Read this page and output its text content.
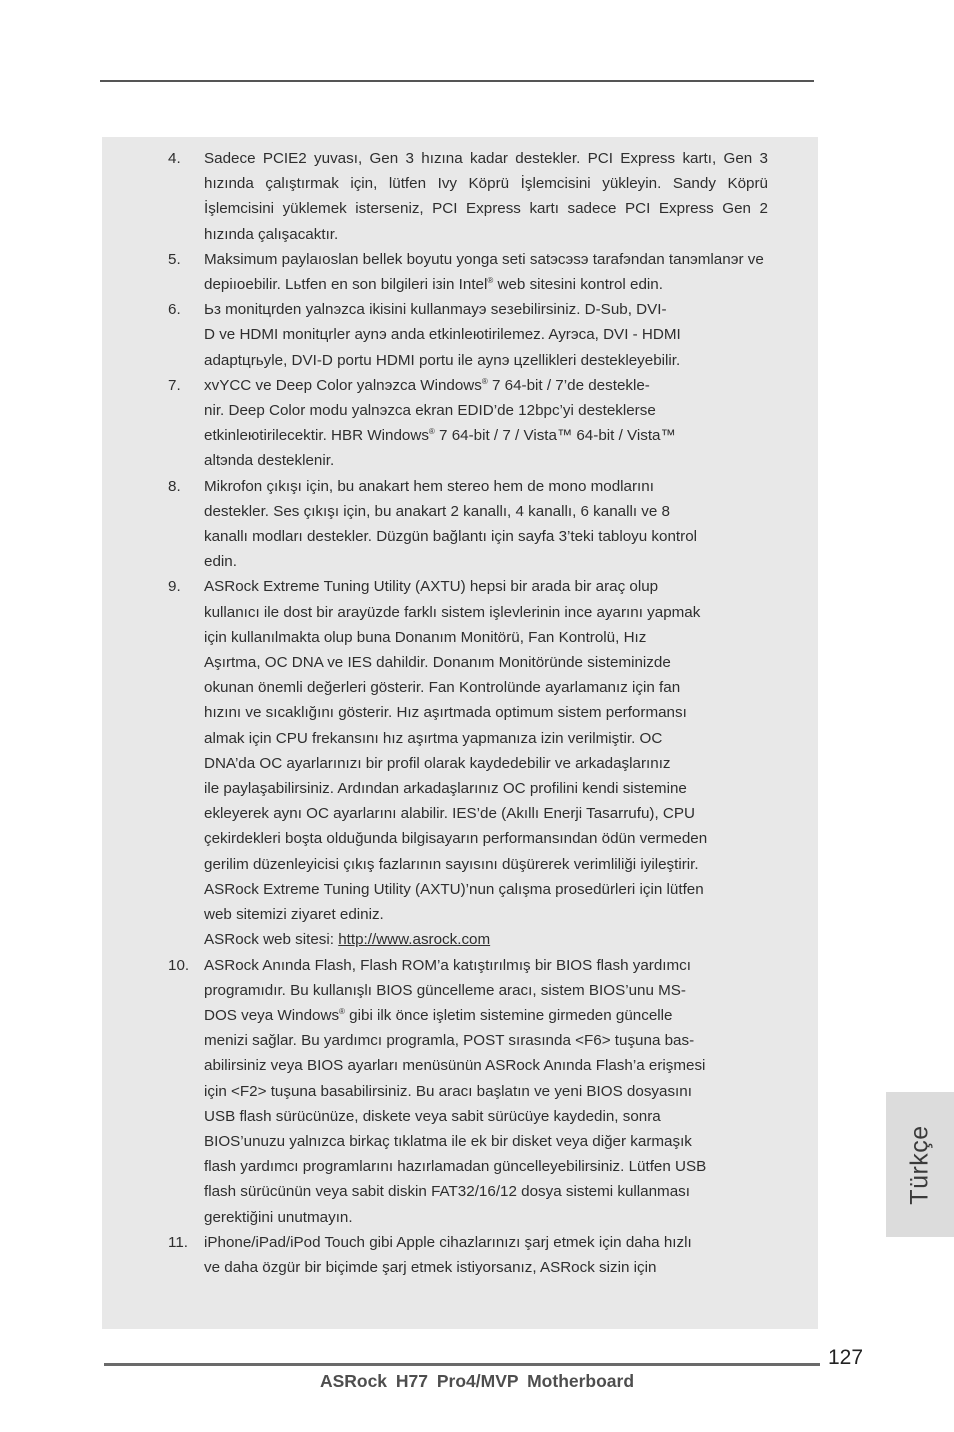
4.	Sadece PCIE2 yuvası, Gen 3 hızına kadar destekler. PCI Express kartı, Gen 3 hızında çalıştırmak için, lütfen Ivy Köprü İşlemcisini yükleyin. Sandy Köprü İşlemcisini yüklemek isterseniz, PCI Express kartı sadece PCI Express Gen 2 hızında çalışacaktır.
5.	Maksimum paylaıoslan bellek boyutu yonga seti satэcэsэ tarafэndan tanэmlanэr ve depiıoebilir. Lьtfen en son bilgileri iзin Intel® web sitesini kontrol edin.
6.	Ьз monitцrden yalnэzca ikisini kullanmayэ seзebilirsiniz. D-Sub, DVI-
D ve HDMI monitцrler aynэ anda etkinleюtirilemez. Ayrэca, DVI - HDMI
adaptцrьyle, DVI-D portu HDMI portu ile aynэ цzellikleri destekleyebilir.
7.	xvYCC ve Deep Color yalnэzca Windows® 7 64-bit / 7’de destekle-
nir. Deep Color modu yalnэzca ekran EDID’de 12bpc’yi desteklerse
etkinleюtirilecektir. HBR Windows® 7 64-bit / 7 / Vista™ 64-bit / Vista™
altэnda desteklenir.
8.	Mikrofon çıkışı için, bu anakart hem stereo hem de mono modlarını
destekler. Ses çıkışı için, bu anakart 2 kanallı, 4 kanallı, 6 kanallı ve 8
kanallı modları destekler. Düzgün bağlantı için sayfa 3’teki tabloyu kontrol
edin.
9.	ASRock Extreme Tuning Utility (AXTU) hepsi bir arada bir araç olup
kullanıcı ile dost bir arayüzde farklı sistem işlevlerinin ince ayarını yapmak
için kullanılmakta olup buna Donanım Monitörü, Fan Kontrolü, Hız
Aşırtma, OC DNA ve IES dahildir. Donanım Monitöründe sisteminizde
okunan önemli değerleri gösterir. Fan Kontrolünde ayarlamanız için fan
hızını ve sıcaklığını gösterir. Hız aşırtmada optimum sistem performansı
almak için CPU frekansını hız aşırtma yapmanıza izin verilmiştir. OC
DNA’da OC ayarlarınızı bir profil olarak kaydedebilir ve arkadaşlarınız
ile paylaşabilirsiniz. Ardından arkadaşlarınız OC profilini kendi sistemine
ekleyerek aynı OC ayarlarını alabilir. IES’de (Akıllı Enerji Tasarrufu), CPU
çekirdekleri boşta olduğunda bilgisayarın performansından ödün vermeden
gerilim düzenleyicisi çıkış fazlarının sayısını düşürerek verimliliği iyileştirir.
ASRock Extreme Tuning Utility (AXTU)’nun çalışma prosedürleri için lütfen
web sitemizi ziyaret ediniz.
ASRock web sitesi: http://www.asrock.com
10. ASRock Anında Flash, Flash ROM’a katıştırılmış bir BIOS flash yardımcı
programıdır. Bu kullanışlı BIOS güncelleme aracı, sistem BIOS’unu MS-
DOS veya Windows® gibi ilk önce işletim sistemine girmeden güncelle
menizi sağlar. Bu yardımcı programla, POST sırasında <F6> tuşuna bas-
abilirsiniz veya BIOS ayarları menüsünün ASRock Anında Flash’a erişmesi
için <F2> tuşuna basabilirsiniz. Bu aracı başlatın ve yeni BIOS dosyasını
USB flash sürücünüze, diskete veya sabit sürücüye kaydedin, sonra
BIOS’unuzu yalnızca birkaç tıklatma ile ek bir disket veya diğer karmaşık
flash yardımcı programlarını hazırlamadan güncelleyebilirsiniz. Lütfen USB
flash sürücünün veya sabit diskin FAT32/16/12 dosya sistemi kullanması
gerektiğini unutmayın.
11.	iPhone/iPad/iPod Touch gibi Apple cihazlarınızı şarj etmek için daha hızlı
ve daha özgür bir biçimde şarj etmek istiyorsanız, ASRock sizin için
Türkçe
127
ASRock H77 Pro4/MVP Motherboard
